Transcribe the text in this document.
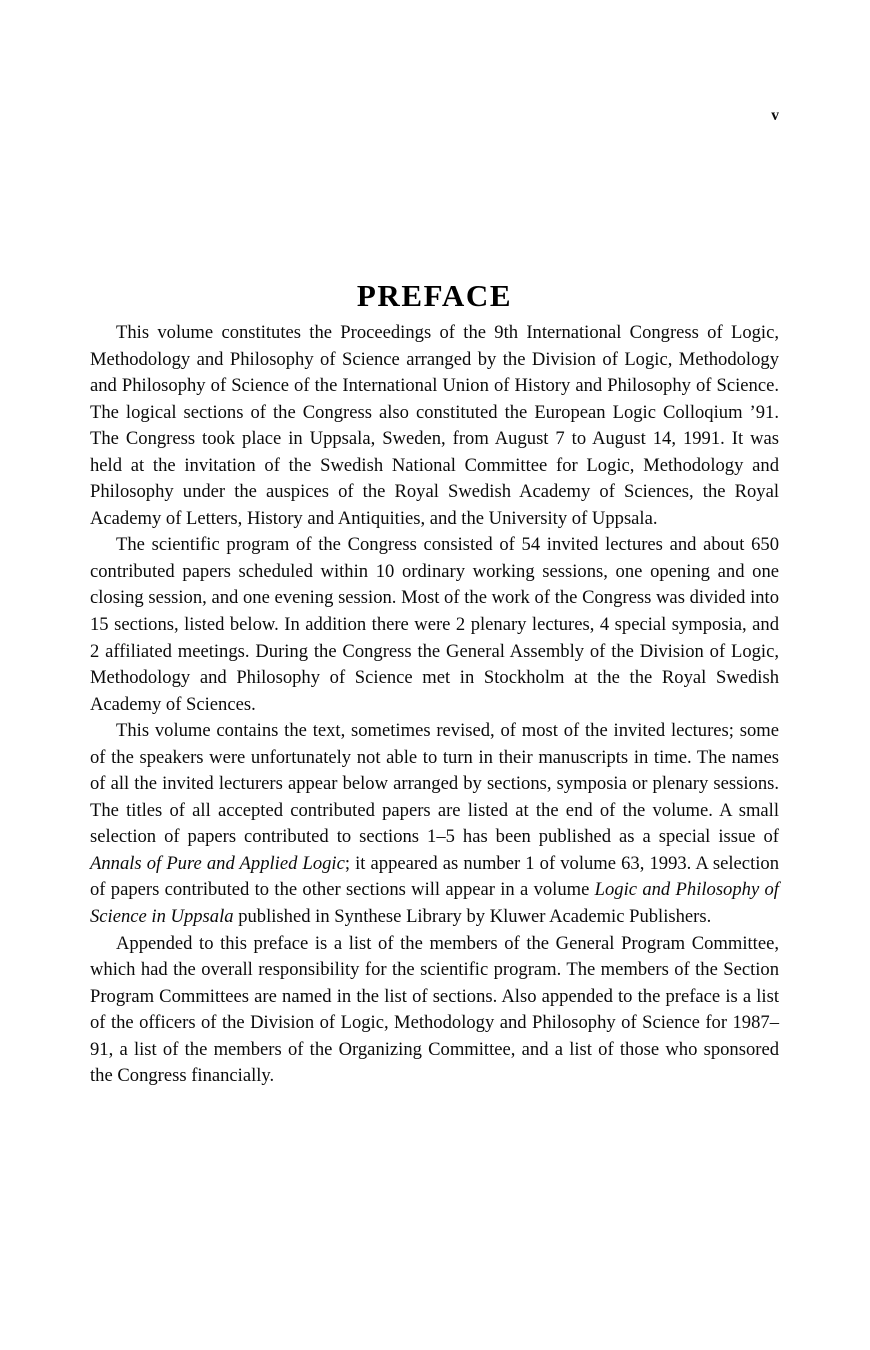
v
PREFACE

This volume constitutes the Proceedings of the 9th International Congress of Logic, Methodology and Philosophy of Science arranged by the Division of Logic, Methodology and Philosophy of Science of the International Union of History and Philosophy of Science. The logical sections of the Congress also constituted the European Logic Colloqium ’91. The Congress took place in Uppsala, Sweden, from August 7 to August 14, 1991. It was held at the invitation of the Swedish National Committee for Logic, Methodology and Philosophy under the auspices of the Royal Swedish Academy of Sciences, the Royal Academy of Letters, History and Antiquities, and the University of Uppsala.

The scientific program of the Congress consisted of 54 invited lectures and about 650 contributed papers scheduled within 10 ordinary working sessions, one opening and one closing session, and one evening session. Most of the work of the Congress was divided into 15 sections, listed below. In addition there were 2 plenary lectures, 4 special symposia, and 2 affiliated meetings. During the Congress the General Assembly of the Division of Logic, Methodology and Philosophy of Science met in Stockholm at the the Royal Swedish Academy of Sciences.

This volume contains the text, sometimes revised, of most of the invited lectures; some of the speakers were unfortunately not able to turn in their manuscripts in time. The names of all the invited lecturers appear below arranged by sections, symposia or plenary sessions. The titles of all accepted contributed papers are listed at the end of the volume. A small selection of papers contributed to sections 1–5 has been published as a special issue of Annals of Pure and Applied Logic; it appeared as number 1 of volume 63, 1993. A selection of papers contributed to the other sections will appear in a volume Logic and Philosophy of Science in Uppsala published in Synthese Library by Kluwer Academic Publishers.

Appended to this preface is a list of the members of the General Program Committee, which had the overall responsibility for the scientific program. The members of the Section Program Committees are named in the list of sections. Also appended to the preface is a list of the officers of the Division of Logic, Methodology and Philosophy of Science for 1987–91, a list of the members of the Organizing Committee, and a list of those who sponsored the Congress financially.
